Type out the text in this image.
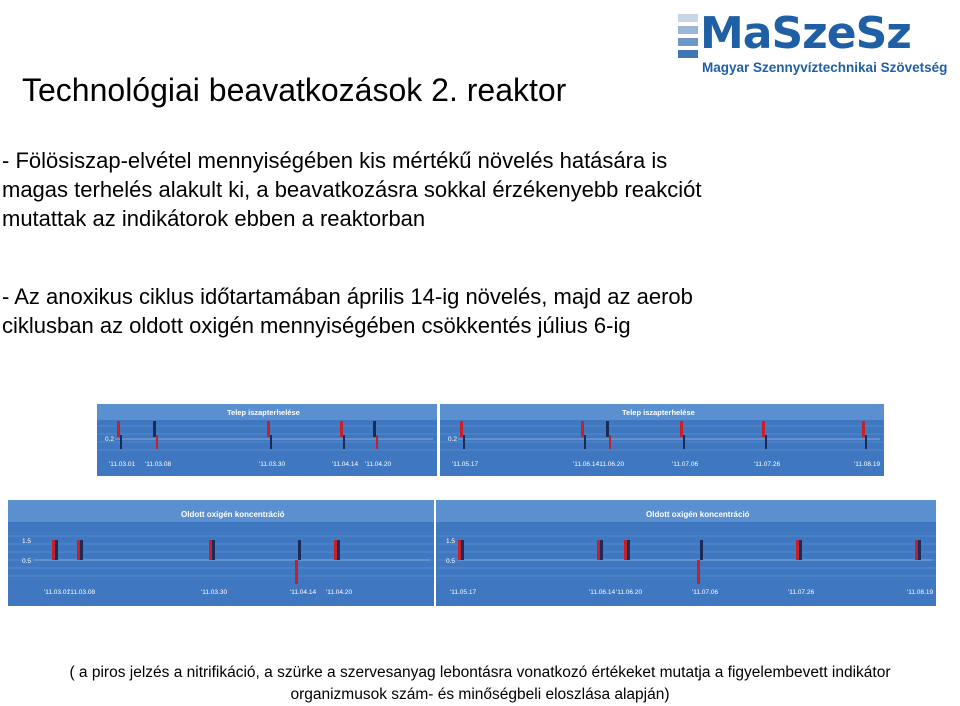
MaSzeSz
Magyar Szennyvíztechnikai Szövetség
Technológiai beavatkozások 2. reaktor
- Fölösiszap-elvétel mennyiségében kis mértékű növelés hatására is
magas terhelés alakult ki, a beavatkozásra sokkal érzékenyebb reakciót
mutattak az indikátorok ebben a reaktorban
- Az anoxikus ciklus időtartamában április 14-ig növelés, majd az aerob
ciklusban az oldott oxigén mennyiségében csökkentés július 6-ig
Telep iszapterhelése
0.2
'11.03.01 '11.03.08	'11.03.30	'11.04.14 '11.04.20
Telep iszapterhelése
0.2
'11.05.17	'11.06.14
'11.06.20	'11.07.06	'11.07.26	'11.08.19
Oldott oxigén koncentráció
1.5
0.5
'11.03.01
'11.03.08	'11.03.30	'11.04.14 '11.04.20
Oldott oxigén koncentráció
1.5
0.5
'11.05.17	'11.06.14 '11.06.20	'11.07.06	'11.07.26	'11.08.19
( a piros jelzés a nitrifikáció, a szürke a szervesanyag lebontásra vonatkozó értékeket mutatja a figyelembevett indikátor
organizmusok szám- és minőségbeli eloszlása alapján)
